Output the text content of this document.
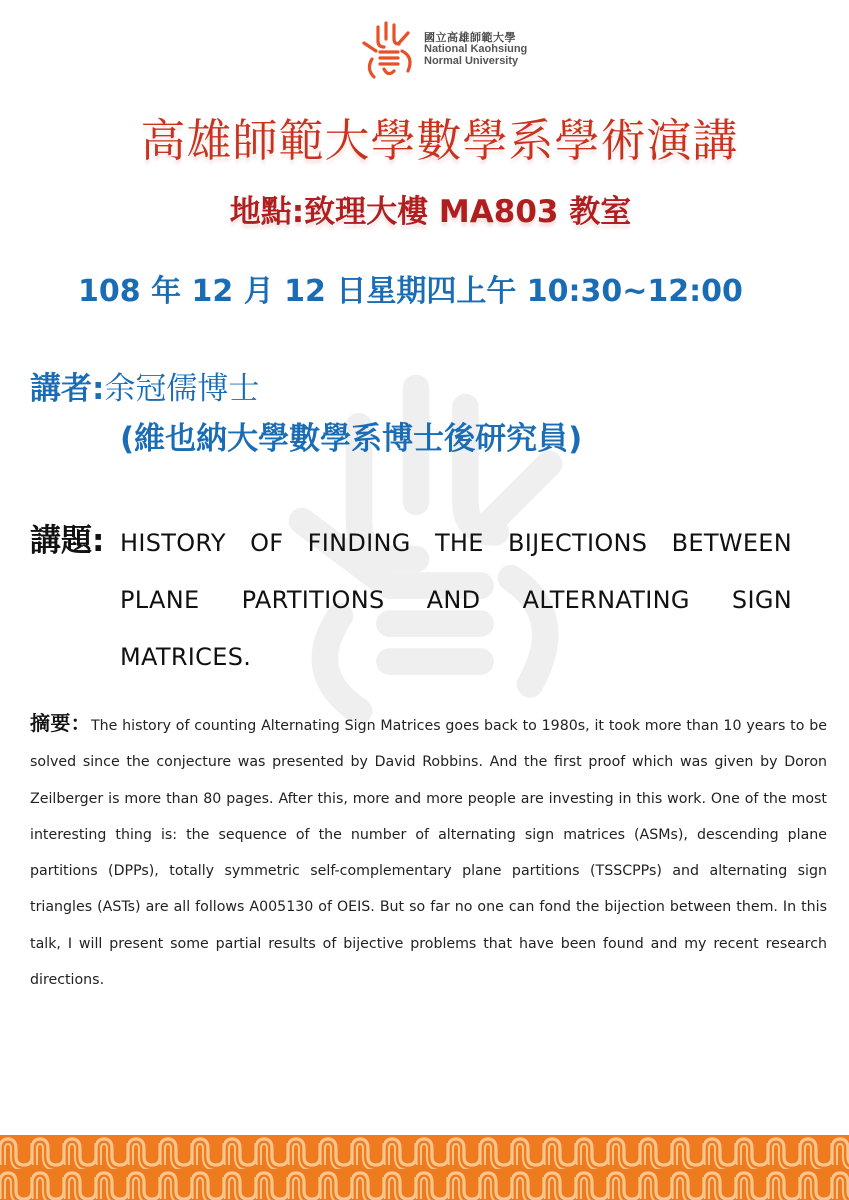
國立高雄師範大學
National Kaohsiung
Normal University
高雄師範大學數學系學術演講
地點:致理大樓 MA803 教室
108 年 12 月 12 日星期四上午 10:30~12:00
講者:余冠儒博士
(維也納大學數學系博士後研究員)
講題: HISTORY OF FINDING THE BIJECTIONS BETWEEN PLANE PARTITIONS AND ALTERNATING SIGN MATRICES.
摘要：The history of counting Alternating Sign Matrices goes back to 1980s, it took more than 10 years to be solved since the conjecture was presented by David Robbins. And the first proof which was given by Doron Zeilberger is more than 80 pages. After this, more and more people are investing in this work. One of the most interesting thing is: the sequence of the number of alternating sign matrices (ASMs), descending plane partitions (DPPs), totally symmetric self-complementary plane partitions (TSSCPPs) and alternating sign triangles (ASTs) are all follows A005130 of OEIS. But so far no one can fond the bijection between them. In this talk, I will present some partial results of bijective problems that have been found and my recent research directions.
